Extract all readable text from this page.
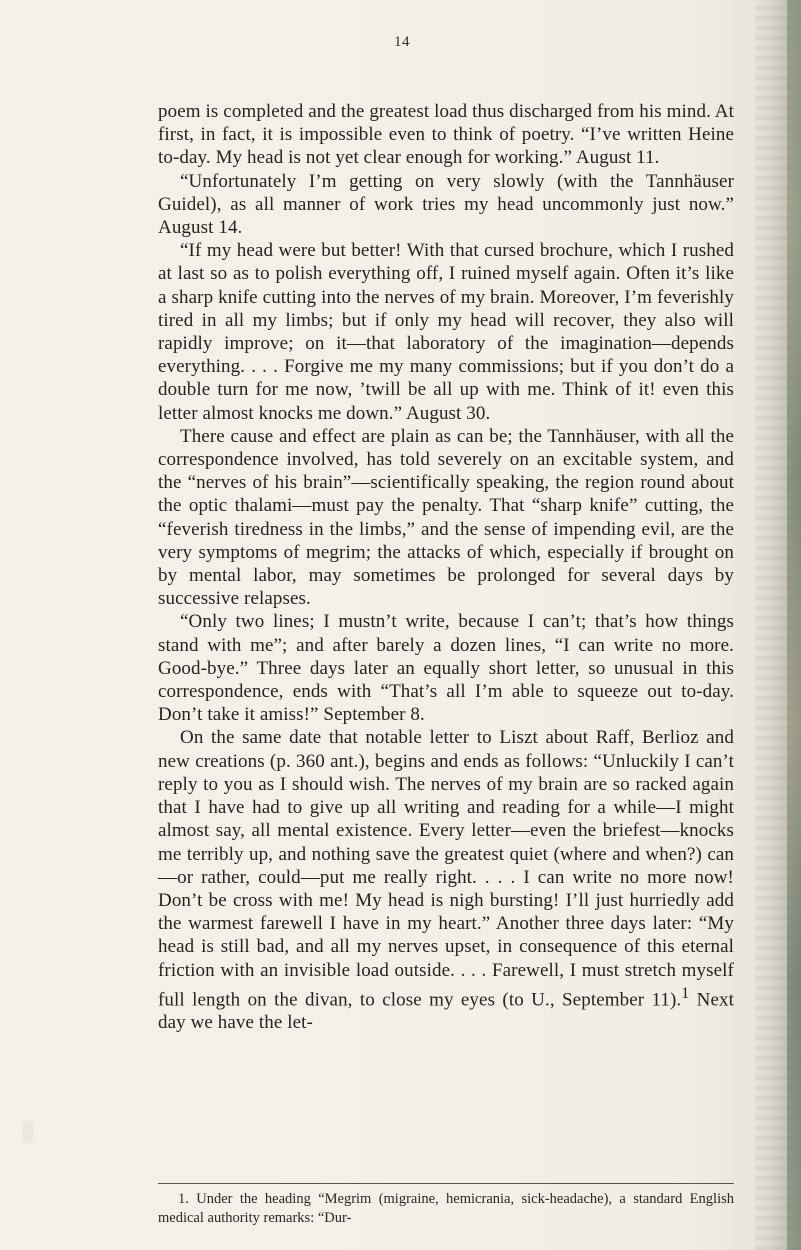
14

poem is completed and the greatest load thus discharged from his mind. At first, in fact, it is impossible even to think of poetry. “I’ve written Heine to-day. My head is not yet clear enough for working.” August 11.

“Unfortunately I’m getting on very slowly (with the Tannhäuser Guidel), as all manner of work tries my head uncommonly just now.” August 14.

“If my head were but better! With that cursed brochure, which I rushed at last so as to polish everything off, I ruined myself again. Often it’s like a sharp knife cutting into the nerves of my brain. Moreover, I’m feverishly tired in all my limbs; but if only my head will recover, they also will rapidly improve; on it—that laboratory of the imagination—depends everything. . . . Forgive me my many commissions; but if you don’t do a double turn for me now, ’twill be all up with me. Think of it! even this letter almost knocks me down.” August 30.

There cause and effect are plain as can be; the Tannhäuser, with all the correspondence involved, has told severely on an excitable system, and the “nerves of his brain”—scientifically speaking, the region round about the optic thalami—must pay the penalty. That “sharp knife” cutting, the “feverish tiredness in the limbs,” and the sense of impending evil, are the very symptoms of megrim; the attacks of which, especially if brought on by mental labor, may sometimes be prolonged for several days by successive relapses.

“Only two lines; I mustn’t write, because I can’t; that’s how things stand with me”; and after barely a dozen lines, “I can write no more. Good-bye.” Three days later an equally short letter, so unusual in this correspondence, ends with “That’s all I’m able to squeeze out to-day. Don’t take it amiss!” September 8.

On the same date that notable letter to Liszt about Raff, Berlioz and new creations (p. 360 ant.), begins and ends as follows: “Unluckily I can’t reply to you as I should wish. The nerves of my brain are so racked again that I have had to give up all writing and reading for a while—I might almost say, all mental existence. Every letter—even the briefest—knocks me terribly up, and nothing save the greatest quiet (where and when?) can—or rather, could—put me really right. . . . I can write no more now! Don’t be cross with me! My head is nigh bursting! I’ll just hurriedly add the warmest farewell I have in my heart.” Another three days later: “My head is still bad, and all my nerves upset, in consequence of this eternal friction with an invisible load outside. . . . Farewell, I must stretch myself full length on the divan, to close my eyes (to U., September 11).$^1$ Next day we have the let-

1. Under the heading “Megrim (migraine, hemicrania, sick-headache), a standard English medical authority remarks: “Dur-
